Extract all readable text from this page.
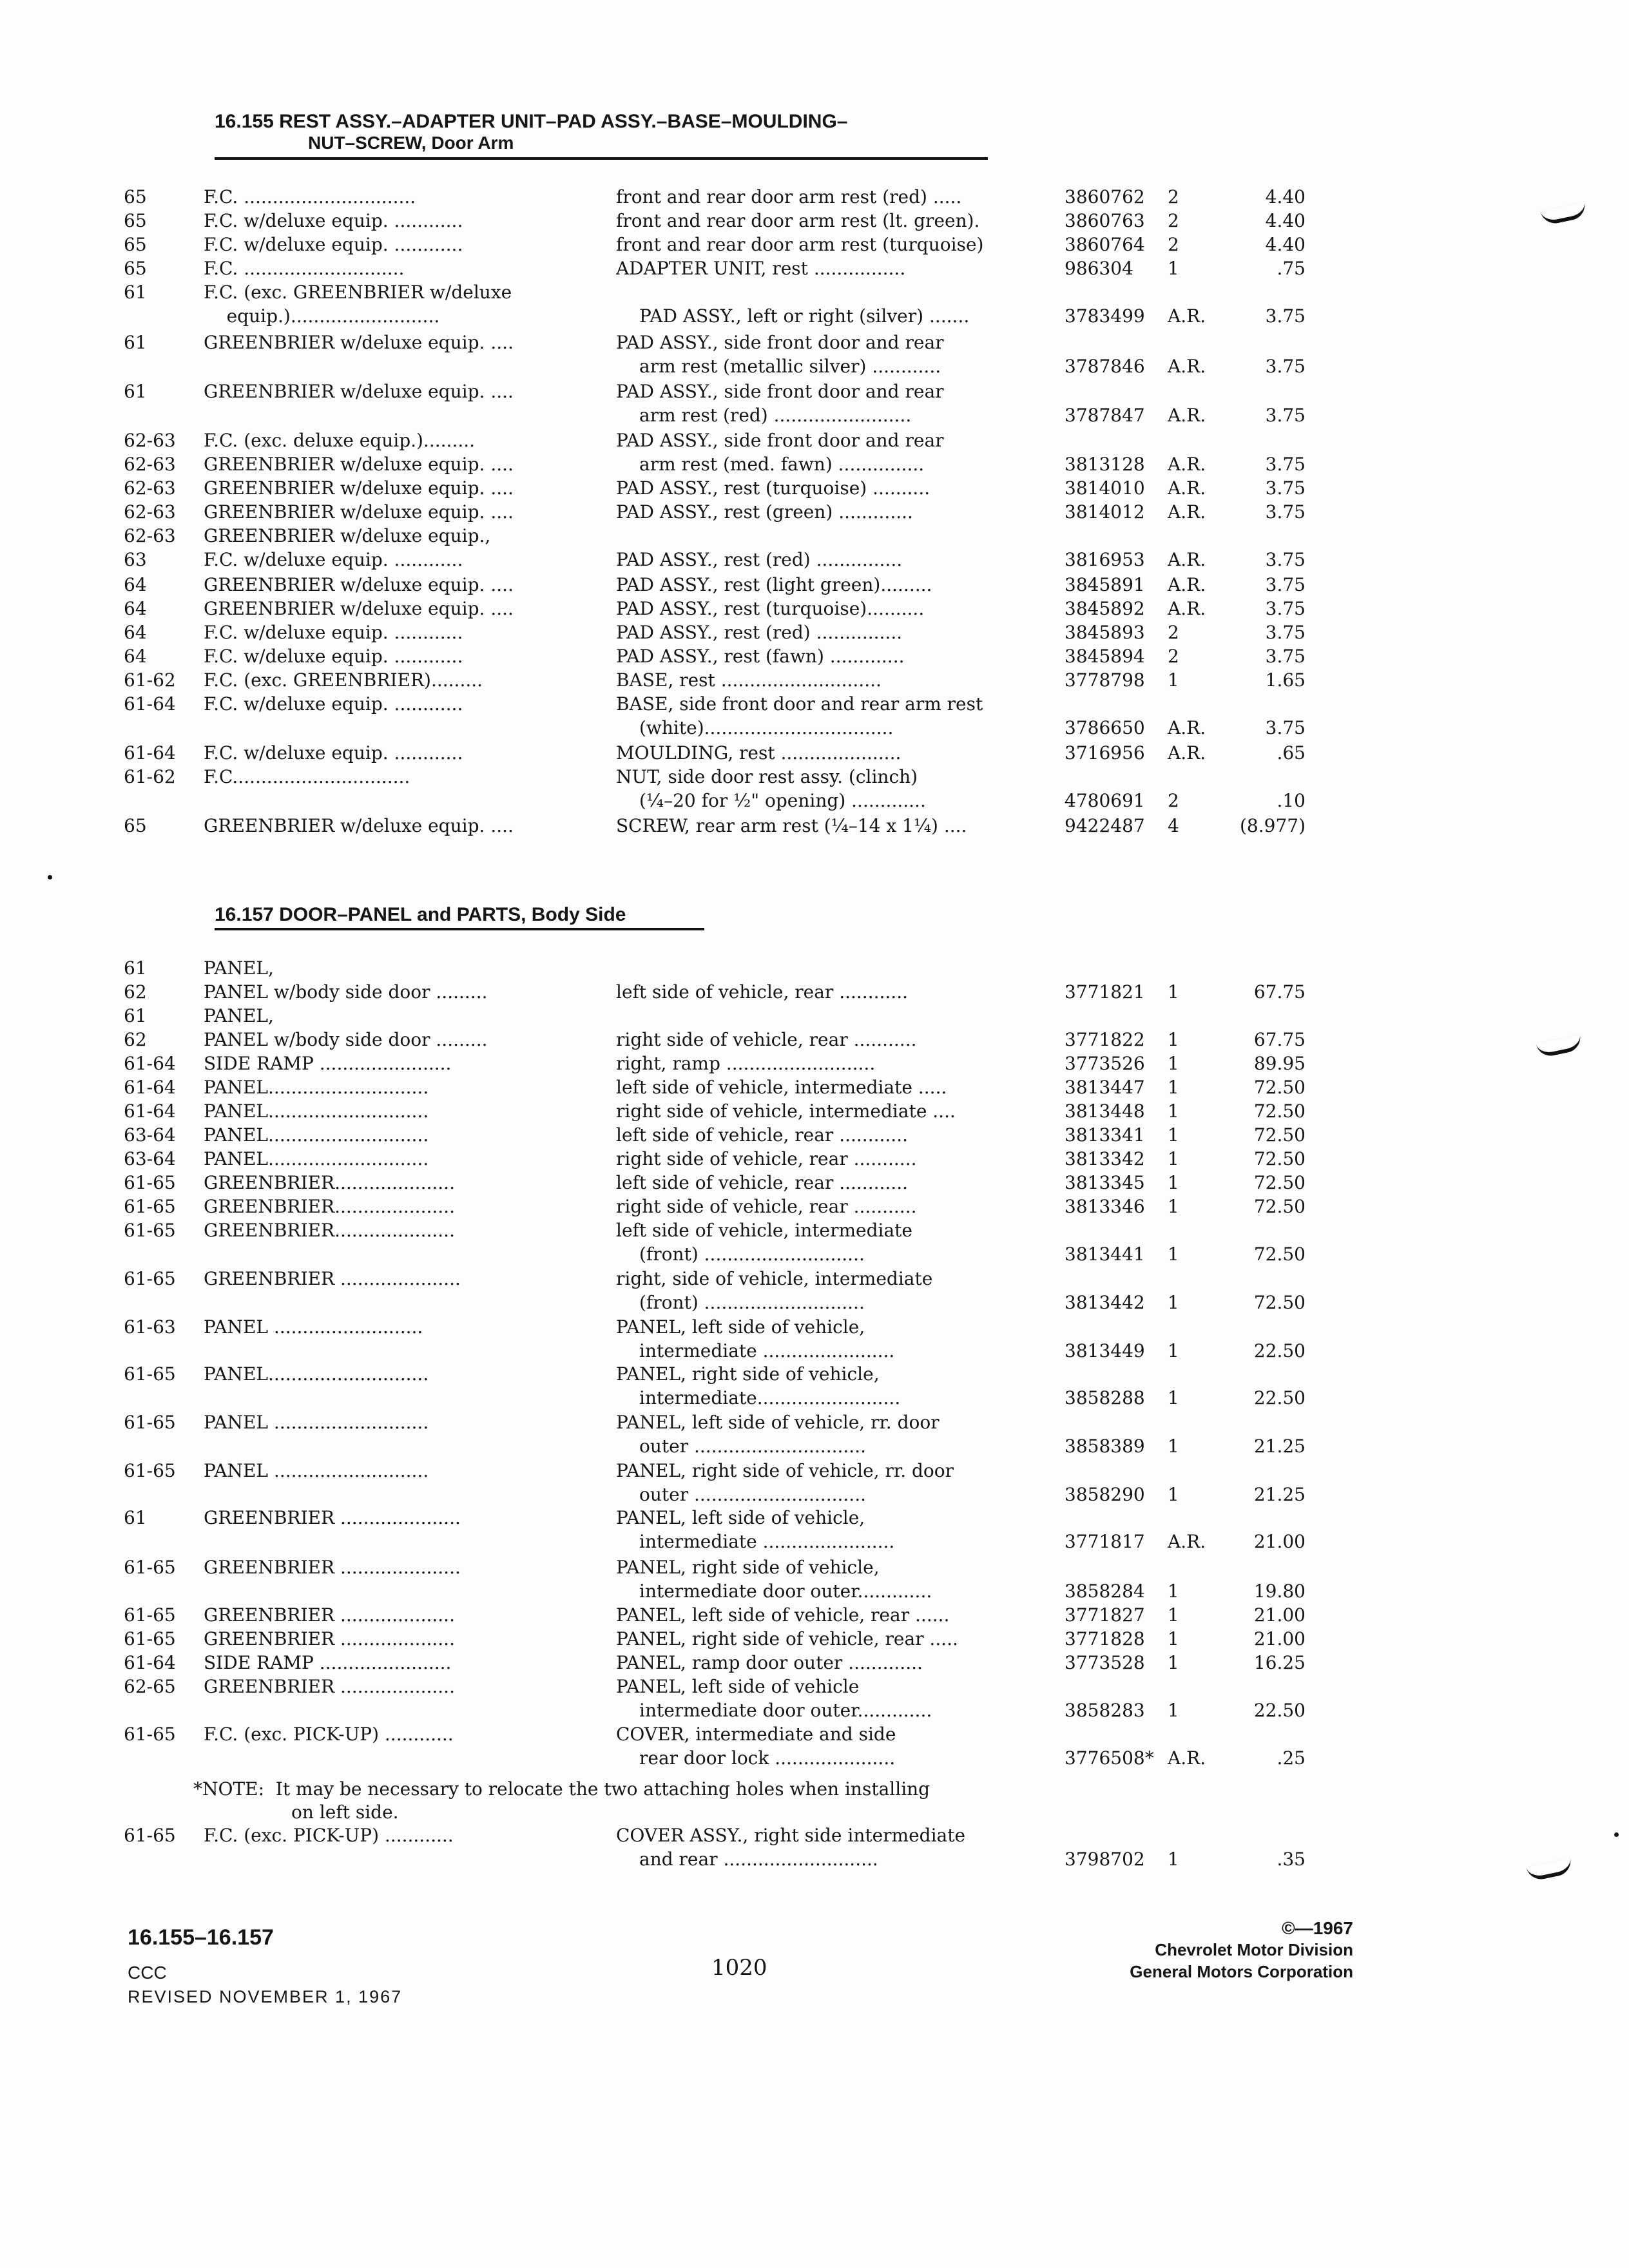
16.155 REST ASSY.–ADAPTER UNIT–PAD ASSY.–BASE–MOULDING–
NUT–SCREW, Door Arm
65	F.C. ..............................	front and rear door arm rest (red) .....	3860762 2	4.40
65	F.C. w/deluxe equip. ............	front and rear door arm rest (lt. green).	3860763 2	4.40
65	F.C. w/deluxe equip. ............	front and rear door arm rest (turquoise)	3860764 2	4.40
65	F.C. ............................	ADAPTER UNIT, rest ................	986304 1	.75
61	F.C. (exc. GREENBRIER w/deluxe
equip.)..........................	PAD ASSY., left or right (silver) .......	3783499 A.R.	3.75
61	GREENBRIER w/deluxe equip. ....	PAD ASSY., side front door and rear
arm rest (metallic silver) ............	3787846 A.R.	3.75
61	GREENBRIER w/deluxe equip. ....	PAD ASSY., side front door and rear
arm rest (red) ........................	3787847 A.R.	3.75
62-63 F.C. (exc. deluxe equip.).........	PAD ASSY., side front door and rear
62-63 GREENBRIER w/deluxe equip. ....	arm rest (med. fawn) ...............	3813128 A.R.	3.75
62-63 GREENBRIER w/deluxe equip. ....	PAD ASSY., rest (turquoise) ..........	3814010 A.R.	3.75
62-63 GREENBRIER w/deluxe equip. ....	PAD ASSY., rest (green) .............	3814012 A.R.	3.75
62-63 GREENBRIER w/deluxe equip.,
63	F.C. w/deluxe equip. ............	PAD ASSY., rest (red) ...............	3816953 A.R.	3.75
64	GREENBRIER w/deluxe equip. ....	PAD ASSY., rest (light green).........	3845891 A.R.	3.75
64	GREENBRIER w/deluxe equip. ....	PAD ASSY., rest (turquoise)..........	3845892 A.R.	3.75
64	F.C. w/deluxe equip. ............	PAD ASSY., rest (red) ...............	3845893 2	3.75
64	F.C. w/deluxe equip. ............	PAD ASSY., rest (fawn) .............	3845894 2	3.75
61-62 F.C. (exc. GREENBRIER).........	BASE, rest ............................	3778798 1	1.65
61-64 F.C. w/deluxe equip. ............	BASE, side front door and rear arm rest
(white).................................	3786650 A.R.	3.75
61-64 F.C. w/deluxe equip. ............	MOULDING, rest .....................	3716956 A.R.	.65
61-62 F.C...............................	NUT, side door rest assy. (clinch)
(¼–20 for ½" opening) .............	4780691 2	.10
65	GREENBRIER w/deluxe equip. ....	SCREW, rear arm rest (¼–14 x 1¼) ....	9422487 4	(8.977)
16.157 DOOR–PANEL and PARTS, Body Side
61	PANEL,
62	PANEL w/body side door .........	left side of vehicle, rear ............	3771821 1	67.75
61	PANEL,
62	PANEL w/body side door .........	right side of vehicle, rear ...........	3771822 1	67.75
61-64 SIDE RAMP .......................	right, ramp ..........................	3773526 1	89.95
61-64 PANEL............................	left side of vehicle, intermediate .....	3813447 1	72.50
61-64 PANEL............................	right side of vehicle, intermediate ....	3813448 1	72.50
63-64 PANEL............................	left side of vehicle, rear ............	3813341 1	72.50
63-64 PANEL............................	right side of vehicle, rear ...........	3813342 1	72.50
61-65 GREENBRIER.....................	left side of vehicle, rear ............	3813345 1	72.50
61-65 GREENBRIER.....................	right side of vehicle, rear ...........	3813346 1	72.50
61-65 GREENBRIER.....................	left side of vehicle, intermediate
(front) ............................	3813441 1	72.50
61-65 GREENBRIER .....................	right, side of vehicle, intermediate
(front) ............................	3813442 1	72.50
61-63 PANEL ..........................	PANEL, left side of vehicle,
intermediate .......................	3813449 1	22.50
61-65 PANEL............................	PANEL, right side of vehicle,
intermediate.........................	3858288 1	22.50
61-65 PANEL ...........................	PANEL, left side of vehicle, rr. door
outer ..............................	3858389 1	21.25
61-65 PANEL ...........................	PANEL, right side of vehicle, rr. door
outer ..............................	3858290 1	21.25
61	GREENBRIER .....................	PANEL, left side of vehicle,
intermediate .......................	3771817 A.R.	21.00
61-65 GREENBRIER .....................	PANEL, right side of vehicle,
intermediate door outer.............	3858284 1	19.80
61-65 GREENBRIER ....................	PANEL, left side of vehicle, rear ......	3771827 1	21.00
61-65 GREENBRIER ....................	PANEL, right side of vehicle, rear .....	3771828 1	21.00
61-64 SIDE RAMP .......................	PANEL, ramp door outer .............	3773528 1	16.25
62-65 GREENBRIER ....................	PANEL, left side of vehicle
intermediate door outer.............	3858283 1	22.50
61-65 F.C. (exc. PICK-UP) ............	COVER, intermediate and side
rear door lock .....................	3776508* A.R.	.25
*NOTE:  It may be necessary to relocate the two attaching holes when installing
on left side.
61-65 F.C. (exc. PICK-UP) ............	COVER ASSY., right side intermediate
and rear ...........................	3798702 1	.35
16.155–16.157
CCC
REVISED NOVEMBER 1, 1967
1020
©—1967
Chevrolet Motor Division
General Motors Corporation
